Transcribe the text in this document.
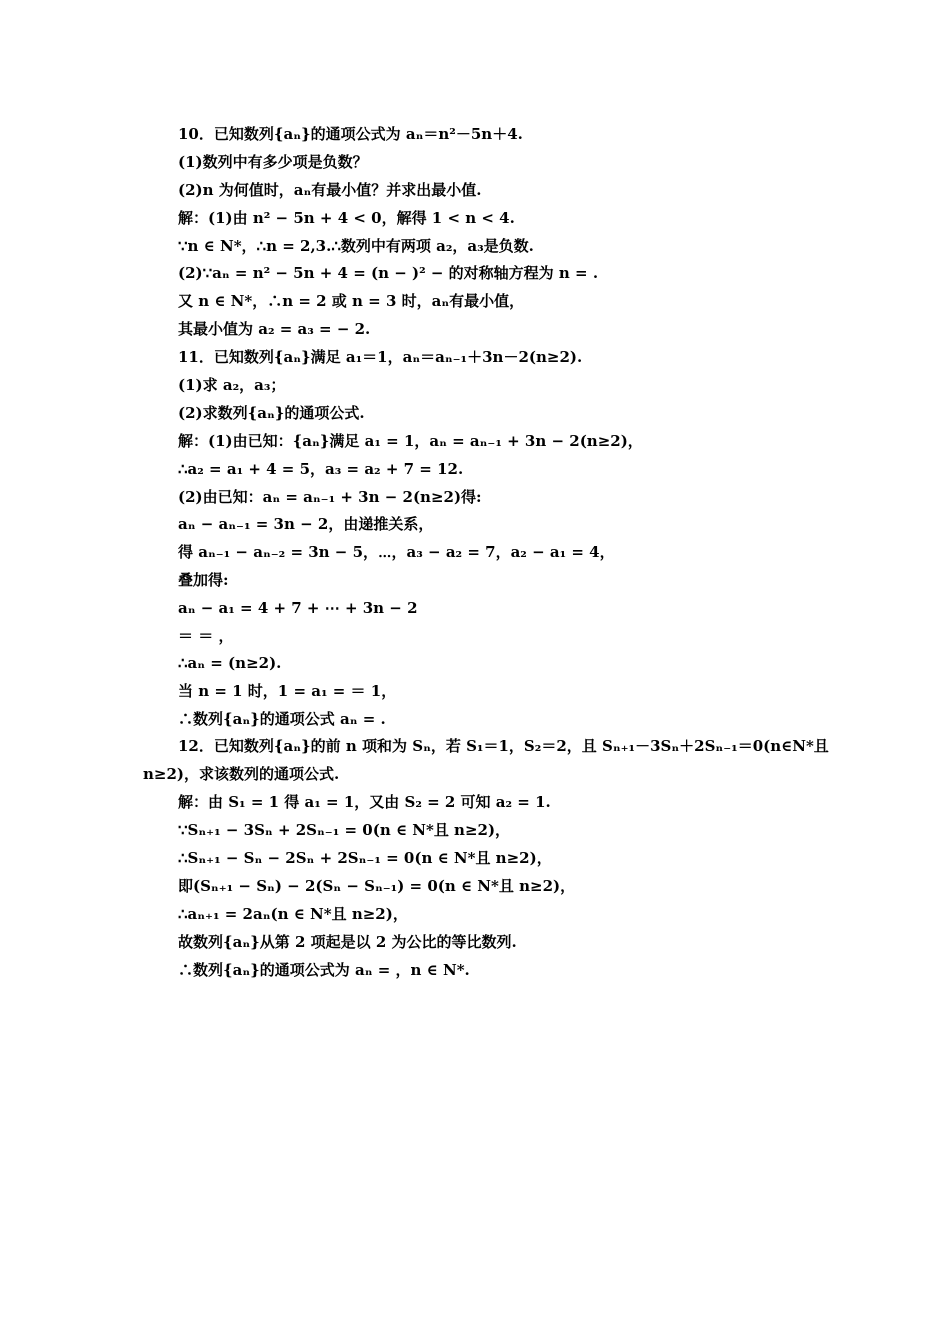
10．已知数列{aₙ}的通项公式为 aₙ＝n²－5n＋4.
(1)数列中有多少项是负数？
(2)n 为何值时，aₙ有最小值？并求出最小值.
解：(1)由 n² − 5n + 4 < 0，解得 1 < n < 4.
∵n ∈ N*，∴n = 2,3.∴数列中有两项 a₂，a₃是负数.
(2)∵aₙ = n² − 5n + 4 = (n − )² − 的对称轴方程为 n = .
又 n ∈ N*，∴n = 2 或 n = 3 时，aₙ有最小值，
其最小值为 a₂ = a₃ = − 2.
11．已知数列{aₙ}满足 a₁＝1，aₙ＝aₙ₋₁＋3n－2(n≥2).
(1)求 a₂，a₃；
(2)求数列{aₙ}的通项公式.
解：(1)由已知：{aₙ}满足 a₁ = 1，aₙ = aₙ₋₁ + 3n − 2(n≥2)，
∴a₂ = a₁ + 4 = 5，a₃ = a₂ + 7 = 12.
(2)由已知：aₙ = aₙ₋₁ + 3n − 2(n≥2)得:
aₙ − aₙ₋₁ = 3n − 2，由递推关系，
得 aₙ₋₁ − aₙ₋₂ = 3n − 5，⋯，a₃ − a₂ = 7，a₂ − a₁ = 4，
叠加得:
aₙ − a₁ = 4 + 7 + ⋯ + 3n − 2
＝ ＝ ，
∴aₙ = (n≥2).
当 n = 1 时，1 = a₁ = ＝ 1，
∴数列{aₙ}的通项公式 aₙ = .
12．已知数列{aₙ}的前 n 项和为 Sₙ，若 S₁＝1，S₂＝2，且 Sₙ₊₁－3Sₙ＋2Sₙ₋₁＝0(n∈N*且
n≥2)，求该数列的通项公式.
解：由 S₁ = 1 得 a₁ = 1，又由 S₂ = 2 可知 a₂ = 1.
∵Sₙ₊₁ − 3Sₙ + 2Sₙ₋₁ = 0(n ∈ N*且 n≥2)，
∴Sₙ₊₁ − Sₙ − 2Sₙ + 2Sₙ₋₁ = 0(n ∈ N*且 n≥2)，
即(Sₙ₊₁ − Sₙ) − 2(Sₙ − Sₙ₋₁) = 0(n ∈ N*且 n≥2)，
∴aₙ₊₁ = 2aₙ(n ∈ N*且 n≥2)，
故数列{aₙ}从第 2 项起是以 2 为公比的等比数列.
∴数列{aₙ}的通项公式为 aₙ = ，n ∈ N*.
